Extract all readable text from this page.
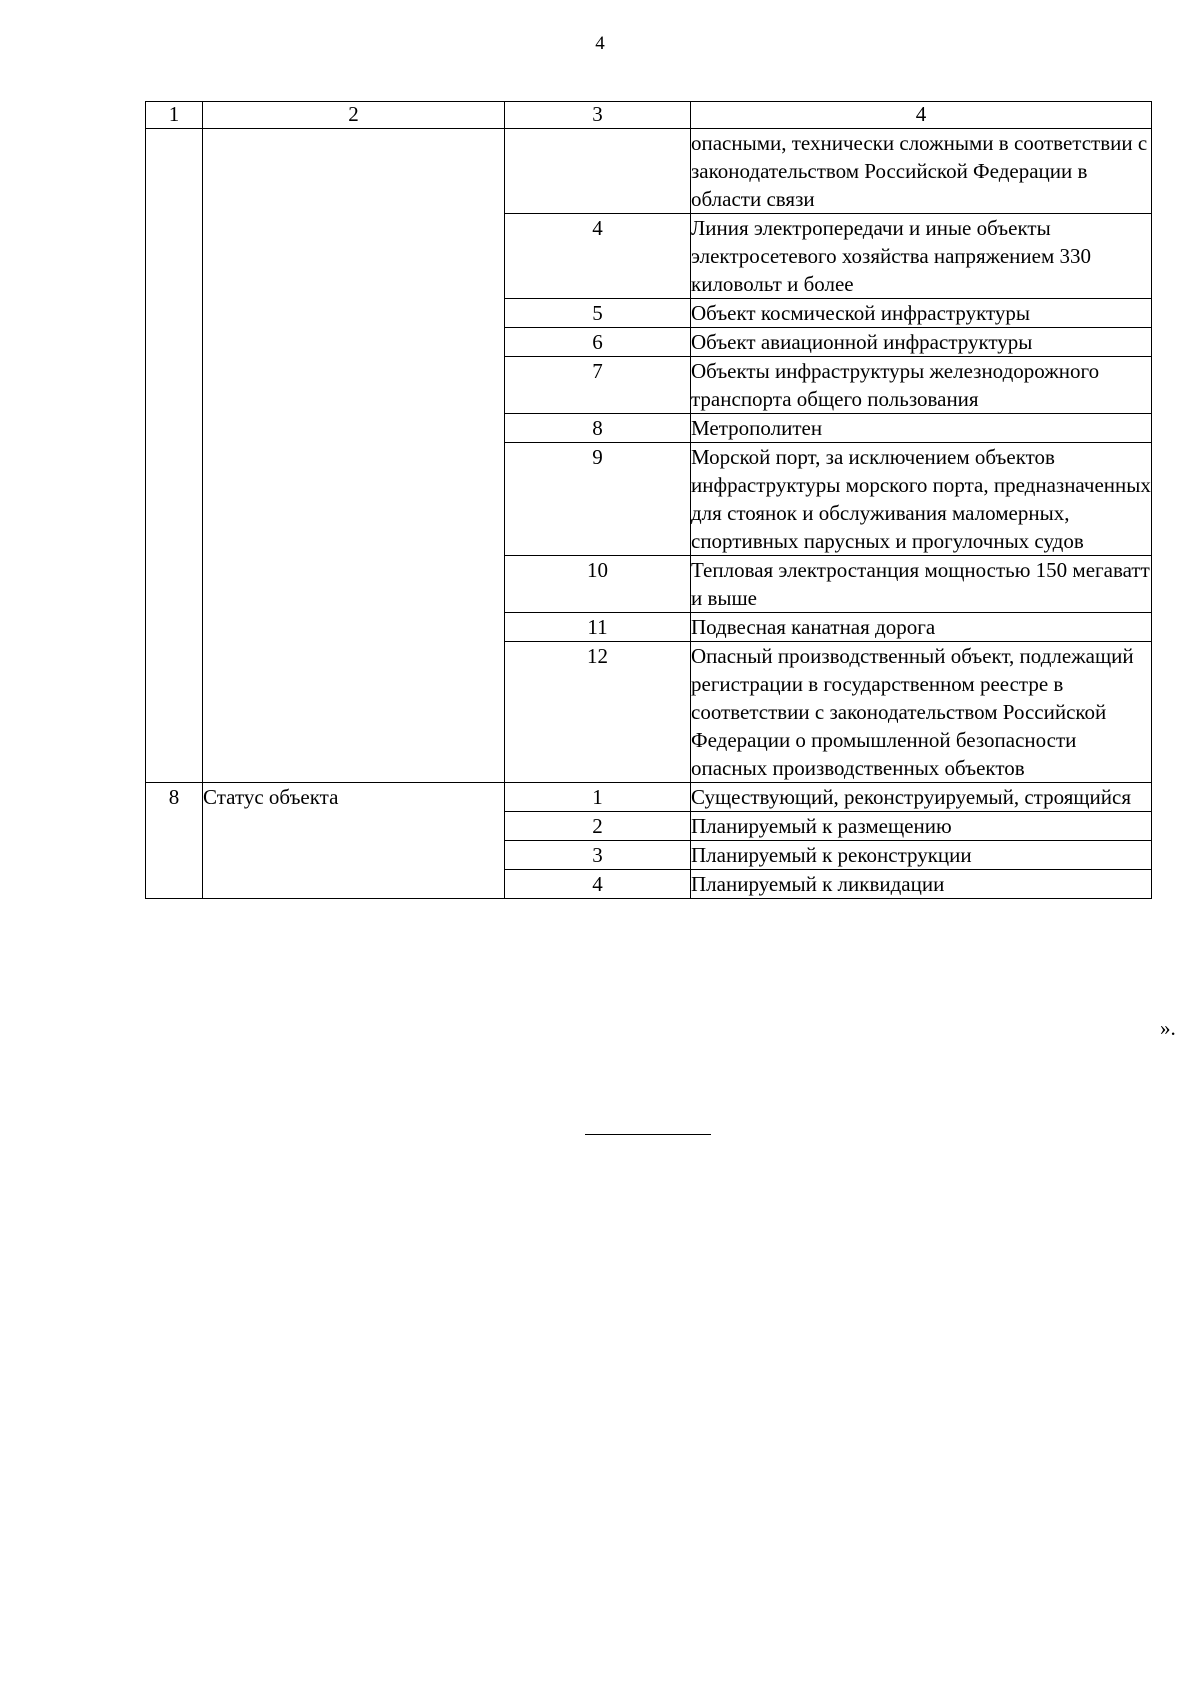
4
1	2	3	4
			опасными, технически сложными в соответствии с законодательством Российской Федерации в области связи
		4	Линия электропередачи и иные объекты электросетевого хозяйства напряжением 330 киловольт и более
		5	Объект космической инфраструктуры
		6	Объект авиационной инфраструктуры
		7	Объекты инфраструктуры железнодорожного транспорта общего пользования
		8	Метрополитен
		9	Морской порт, за исключением объектов инфраструктуры морского порта, предназначенных для стоянок и обслуживания маломерных, спортивных парусных и прогулочных судов
		10	Тепловая электростанция мощностью 150 мегаватт и выше
		11	Подвесная канатная дорога
		12	Опасный производственный объект, подлежащий регистрации в государственном реестре в соответствии с законодательством Российской Федерации о промышленной безопасности опасных производственных объектов
8	Статус объекта	1	Существующий, реконструируемый, строящийся
		2	Планируемый к размещению
		3	Планируемый к реконструкции
		4	Планируемый к ликвидации
».
